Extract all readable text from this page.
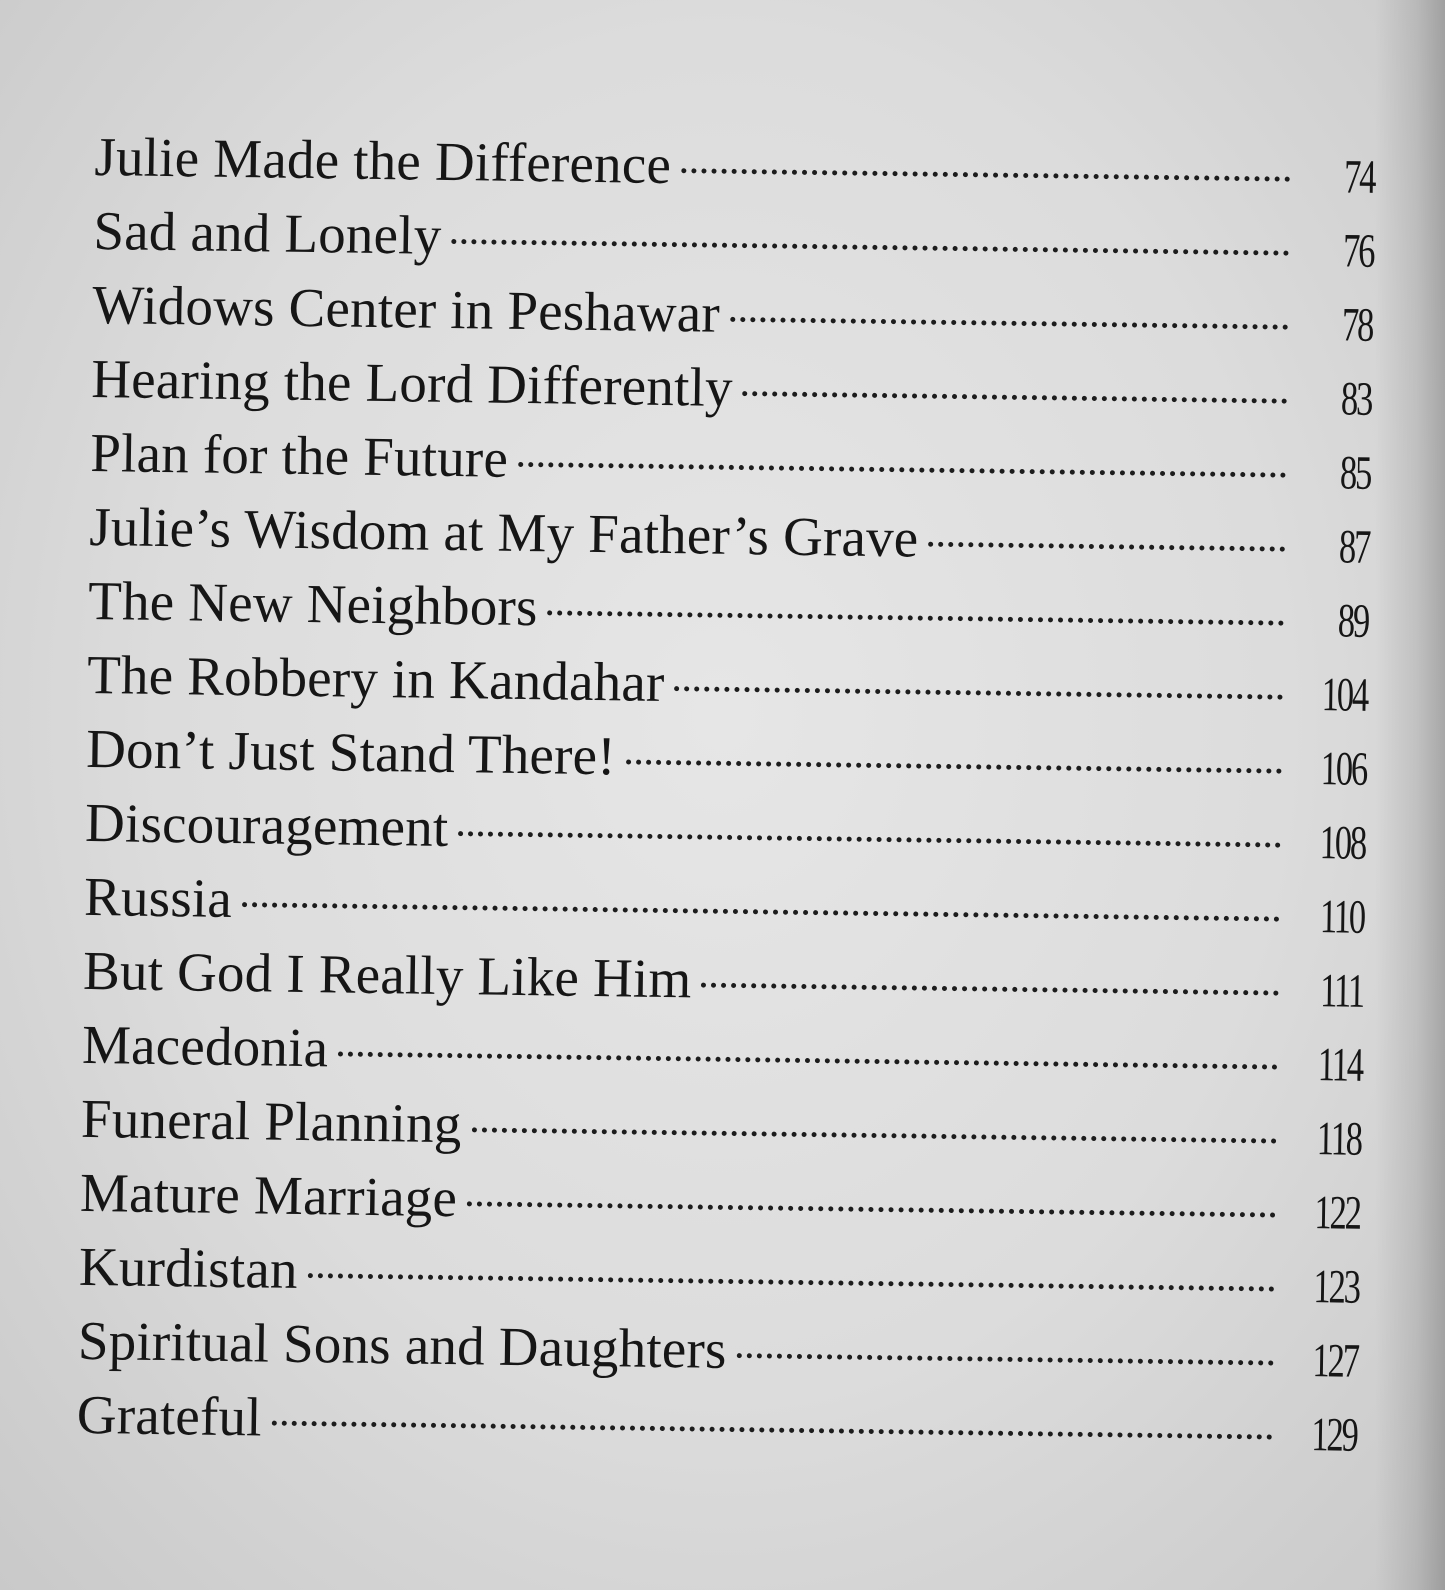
Julie Made the Difference	74
Sad and Lonely	76
Widows Center in Peshawar	78
Hearing the Lord Differently	83
Plan for the Future	85
Julie’s Wisdom at My Father’s Grave	87
The New Neighbors	89
The Robbery in Kandahar	104
Don’t Just Stand There!	106
Discouragement	108
Russia	110
But God I Really Like Him	111
Macedonia	114
Funeral Planning	118
Mature Marriage	122
Kurdistan	123
Spiritual Sons and Daughters	127
Grateful	129
